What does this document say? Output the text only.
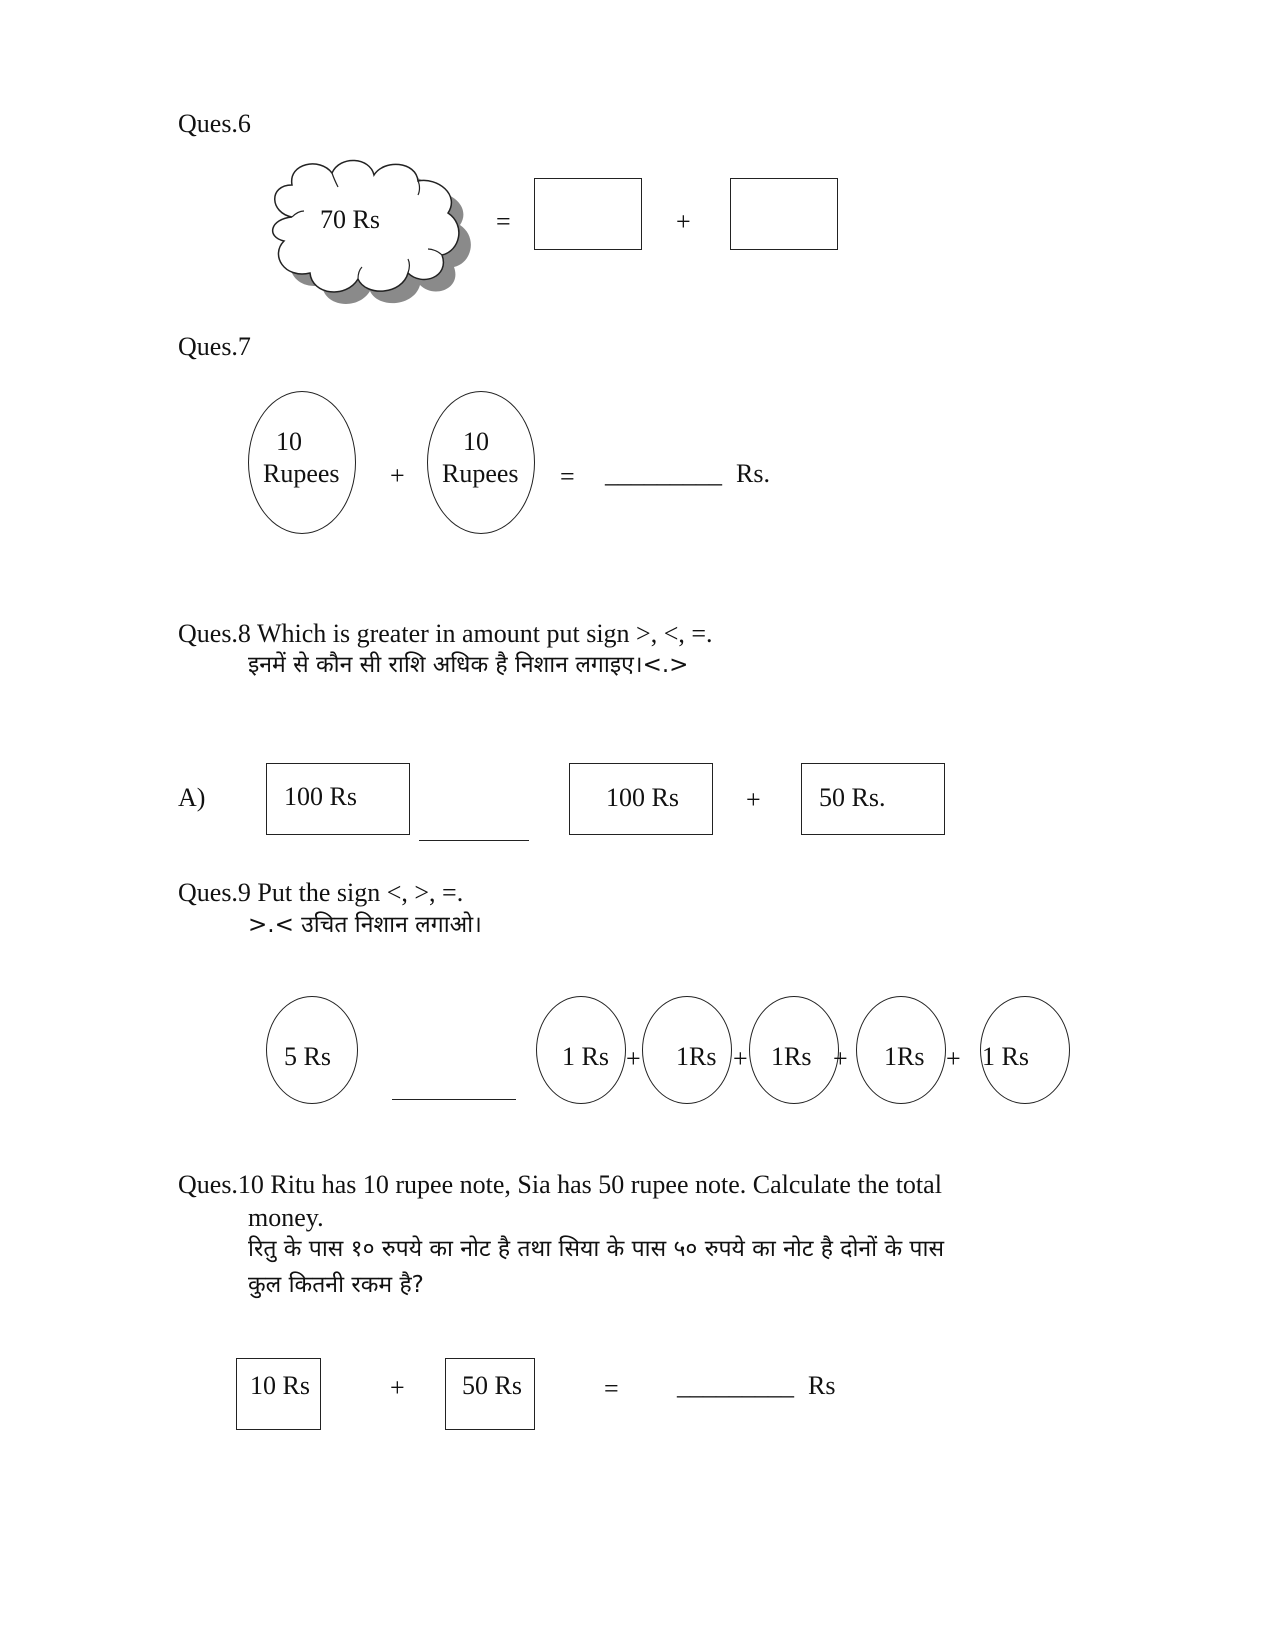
Ques.6
70 Rs	=	+
Ques.7
10
Rupees +
10
Rupees = _________ Rs.
Ques.8 Which is greater in amount put sign >, <, =.
इनमें से कौन सी राशि अधिक है निशान लगाइए।<.>
A)	100 Rs	100 Rs	+ 50 Rs.
Ques.9 Put the sign <, >, =.
>.< उचित निशान लगाओ।
5 Rs	1 Rs	1Rs 1Rs	1Rs 1 Rs
+	+	+	+
Ques.10 Ritu has 10 rupee note, Sia has 50 rupee note. Calculate the total
money.
रितु के पास १० रुपये का नोट है तथा सिया के पास ५० रुपये का नोट है दोनों के पास
कुल कितनी रकम है?
10 Rs	+ 50 Rs	= _________ Rs
